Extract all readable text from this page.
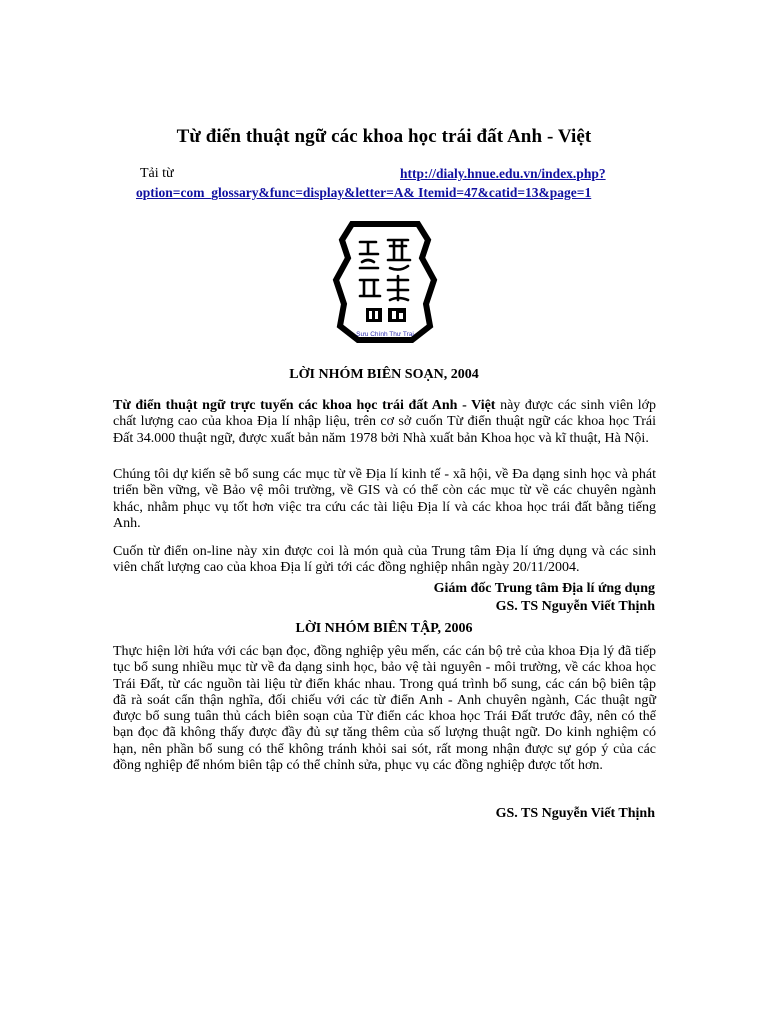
Từ điển thuật ngữ các khoa học trái đất Anh - Việt
Tải từ	http://dialy.hnue.edu.vn/index.php?
option=com_glossary&func=display&letter=A& Itemid=47&catid=13&page=1
Sưu Chính Thư Trai
LỜI NHÓM BIÊN SOẠN, 2004
Từ điển thuật ngữ trực tuyến các khoa học trái đất Anh - Việt này được các sinh viên lớp chất lượng cao của khoa Địa lí nhập liệu, trên cơ sở cuốn Từ điển thuật ngữ các khoa học Trái Đất 34.000 thuật ngữ, được xuất bản năm 1978 bởi Nhà xuất bản Khoa học và kĩ thuật, Hà Nội.
Chúng tôi dự kiến sẽ bổ sung các mục từ về Địa lí kinh tế - xã hội, về Đa dạng sinh học và phát triển bền vững, về Bảo vệ môi trường, về GIS và có thể còn các mục từ về các chuyên ngành khác, nhằm phục vụ tốt hơn việc tra cứu các tài liệu Địa lí và các khoa học trái đất bằng tiếng Anh.
Cuốn từ điển on-line này xin được coi là món quà của Trung tâm Địa lí ứng dụng và các sinh viên chất lượng cao của khoa Địa lí gửi tới các đồng nghiệp nhân ngày 20/11/2004.
Giám đốc Trung tâm Địa lí ứng dụng
GS. TS Nguyễn Viết Thịnh
LỜI NHÓM BIÊN TẬP, 2006
Thực hiện lời hứa với các bạn đọc, đồng nghiệp yêu mến, các cán bộ trẻ của khoa Địa lý đã tiếp tục bổ sung nhiều mục từ về đa dạng sinh học, bảo vệ tài nguyên - môi trường, về các khoa học Trái Đất, từ các nguồn tài liệu từ điển khác nhau. Trong quá trình bổ sung, các cán bộ biên tập đã rà soát cẩn thận nghĩa, đối chiếu với các từ điển Anh - Anh chuyên ngành, Các thuật ngữ được bổ sung tuân thủ cách biên soạn của Từ điển các khoa học Trái Đất trước đây, nên có thể bạn đọc đã không thấy được đầy đủ sự tăng thêm của số lượng thuật ngữ. Do kinh nghiệm có hạn, nên phần bổ sung có thể không tránh khỏi sai sót, rất mong nhận được sự góp ý của các đồng nghiệp để nhóm biên tập có thể chỉnh sửa, phục vụ các đồng nghiệp được tốt hơn.
GS. TS Nguyễn Viết Thịnh
